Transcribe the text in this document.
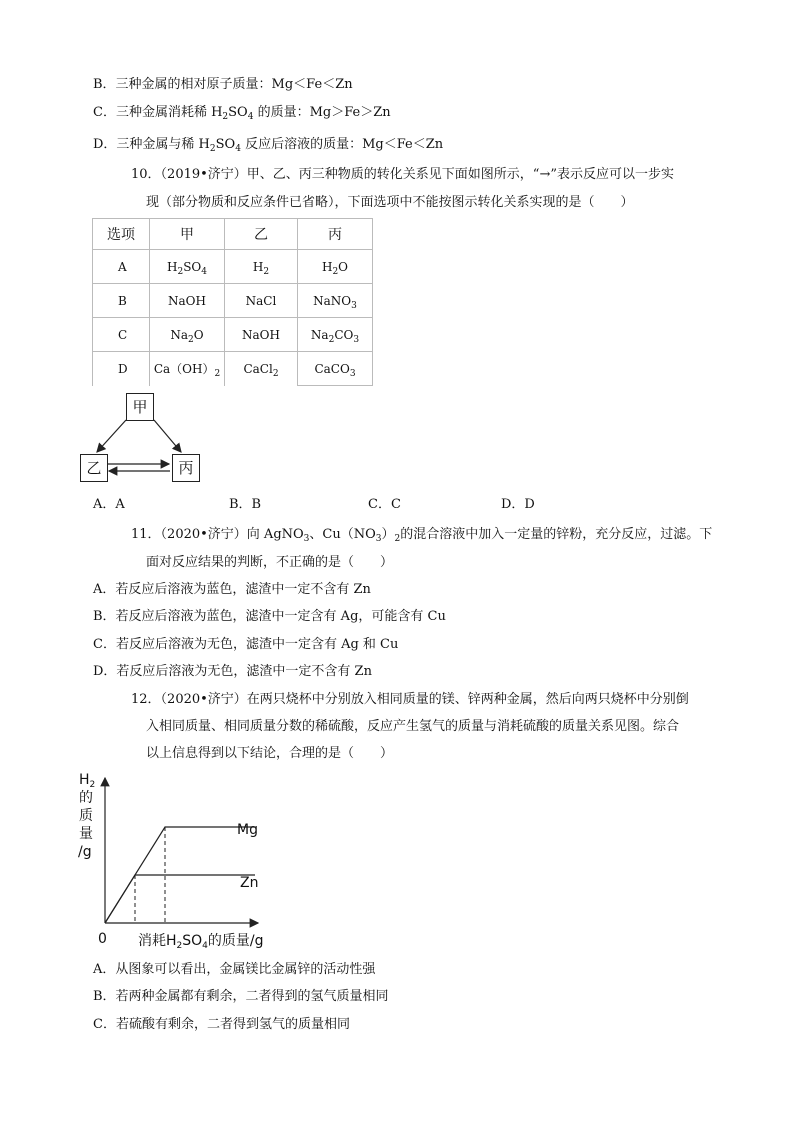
B．三种金属的相对原子质量：Mg＜Fe＜Zn
C．三种金属消耗稀 $H_2SO_4$ 的质量：Mg＞Fe＞Zn
D．三种金属与稀 $H_2SO_4$ 反应后溶液的质量：Mg＜Fe＜Zn
10．（2019•济宁）甲、乙、丙三种物质的转化关系见下面如图所示，“→”表示反应可以一步实
现（部分物质和反应条件已省略），下面选项中不能按图示转化关系实现的是（　　）
选项	甲	乙	丙
A	$H_2SO_4$	$H_2$	$H_2O$
B	NaOH	NaCl	NaNO$_3$
C	$Na_2O$	NaOH	$Na_2CO_3$
D	$Ca(OH)_2$	CaCl$_2$	CaCO$_3$
甲
乙	丙
A．A	B．B	C．C	D．D
11．（2020•济宁）向 AgNO$_3$、$Cu(NO_3)_2$的混合溶液中加入一定量的锌粉，充分反应，过滤。下
面对反应结果的判断，不正确的是（　　）
A．若反应后溶液为蓝色，滤渣中一定不含有 Zn
B．若反应后溶液为蓝色，滤渣中一定含有 Ag，可能含有 Cu
C．若反应后溶液为无色，滤渣中一定含有 Ag 和 Cu
D．若反应后溶液为无色，滤渣中一定不含有 Zn
12．（2020•济宁）在两只烧杯中分别放入相同质量的镁、锌两种金属，然后向两只烧杯中分别倒
入相同质量、相同质量分数的稀硫酸，反应产生氢气的质量与消耗硫酸的质量关系见图。综合
以上信息得到以下结论，合理的是（　　）
$H_2$
的
质
量
/g
Mg
Zn
0 消耗$H_2SO_4$的质量/g
A．从图象可以看出，金属镁比金属锌的活动性强
B．若两种金属都有剩余，二者得到的氢气质量相同
C．若硫酸有剩余，二者得到氢气的质量相同
